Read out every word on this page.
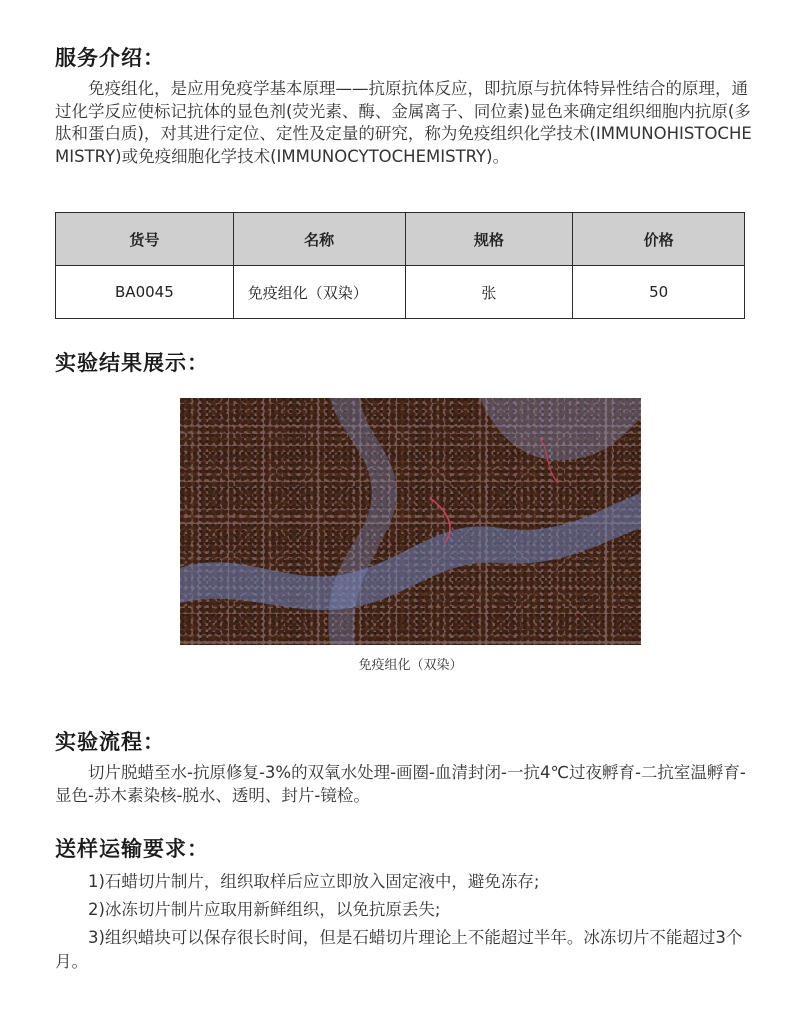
服务介绍：

免疫组化，是应用免疫学基本原理——抗原抗体反应，即抗原与抗体特异性结合的原理，通过化学反应使标记抗体的显色剂(荧光素、酶、金属离子、同位素)显色来确定组织细胞内抗原(多肽和蛋白质)，对其进行定位、定性及定量的研究，称为免疫组织化学技术(IMMUNOHISTOCHEMISTRY)或免疫细胞化学技术(IMMUNOCYTOCHEMISTRY)。

货号	名称	规格	价格
BA0045	免疫组化（双染）	张	50
实验结果展示：
免疫组化（双染）
实验流程：

切片脱蜡至水-抗原修复-3%的双氧水处理-画圈-血清封闭-一抗4℃过夜孵育-二抗室温孵育-显色-苏木素染核-脱水、透明、封片-镜检。

送样运输要求：

1)石蜡切片制片，组织取样后应立即放入固定液中，避免冻存;

2)冰冻切片制片应取用新鲜组织，以免抗原丢失;

3)组织蜡块可以保存很长时间，但是石蜡切片理论上不能超过半年。冰冻切片不能超过3个月。
